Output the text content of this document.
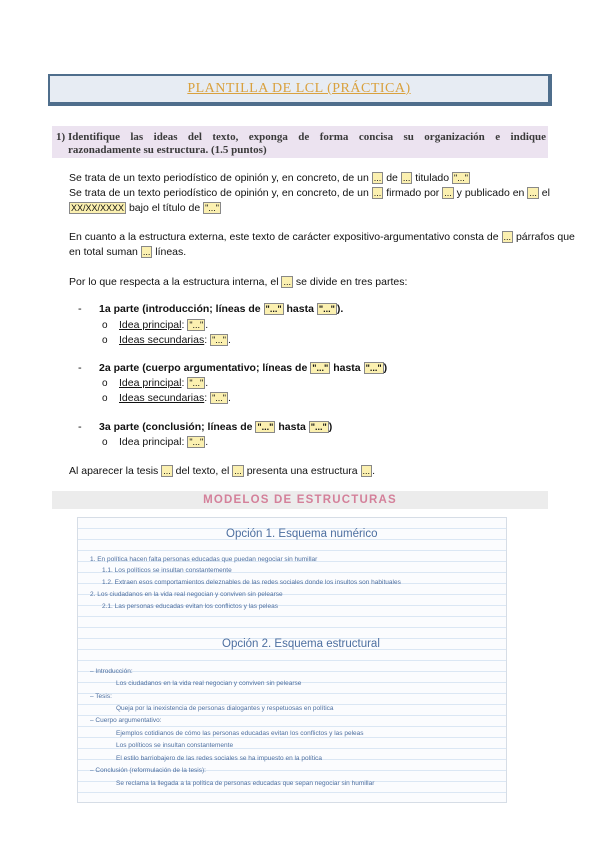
PLANTILLA DE LCL (PRÁCTICA)
1) Identifique las ideas del texto, exponga de forma concisa su organización e indique
razonadamente su estructura. (1.5 puntos)
Se trata de un texto periodístico de opinión y, en concreto, de un ... de ... titulado "..."
Se trata de un texto periodístico de opinión y, en concreto, de un ... firmado por ... y publicado en ... el
XX/XX/XXXX bajo el título de "..."
En cuanto a la estructura externa, este texto de carácter expositivo-argumentativo consta de ... párrafos que
en total suman ... líneas.
Por lo que respecta a la estructura interna, el ... se divide en tres partes:
- 1a parte (introducción; líneas de "..." hasta "..." ).
o Idea principal: "..." .
o Ideas secundarias: "..." .
- 2a parte (cuerpo argumentativo; líneas de "..." hasta "..." )
o Idea principal: "..." .
o Ideas secundarias: "..." .
- 3a parte (conclusión; líneas de "..." hasta "..." )
o Idea principal: "..." .
Al aparecer la tesis ... del texto, el ... presenta una estructura ... .
MODELOS DE ESTRUCTURAS
Opción 1. Esquema numérico
1. En política hacen falta personas educadas que puedan negociar sin humillar
1.1. Los políticos se insultan constantemente
1.2. Extraen esos comportamientos deleznables de las redes sociales donde los insultos son habituales
2. Los ciudadanos en la vida real negocian y conviven sin pelearse
2.1. Las personas educadas evitan los conflictos y las peleas
Opción 2. Esquema estructural
– Introducción:
Los ciudadanos en la vida real negocian y conviven sin pelearse
– Tesis:
Queja por la inexistencia de personas dialogantes y respetuosas en política
– Cuerpo argumentativo:
Ejemplos cotidianos de cómo las personas educadas evitan los conflictos y las peleas
Los políticos se insultan constantemente
El estilo barriobajero de las redes sociales se ha impuesto en la política
– Conclusión (reformulación de la tesis):
Se reclama la llegada a la política de personas educadas que sepan negociar sin humillar
